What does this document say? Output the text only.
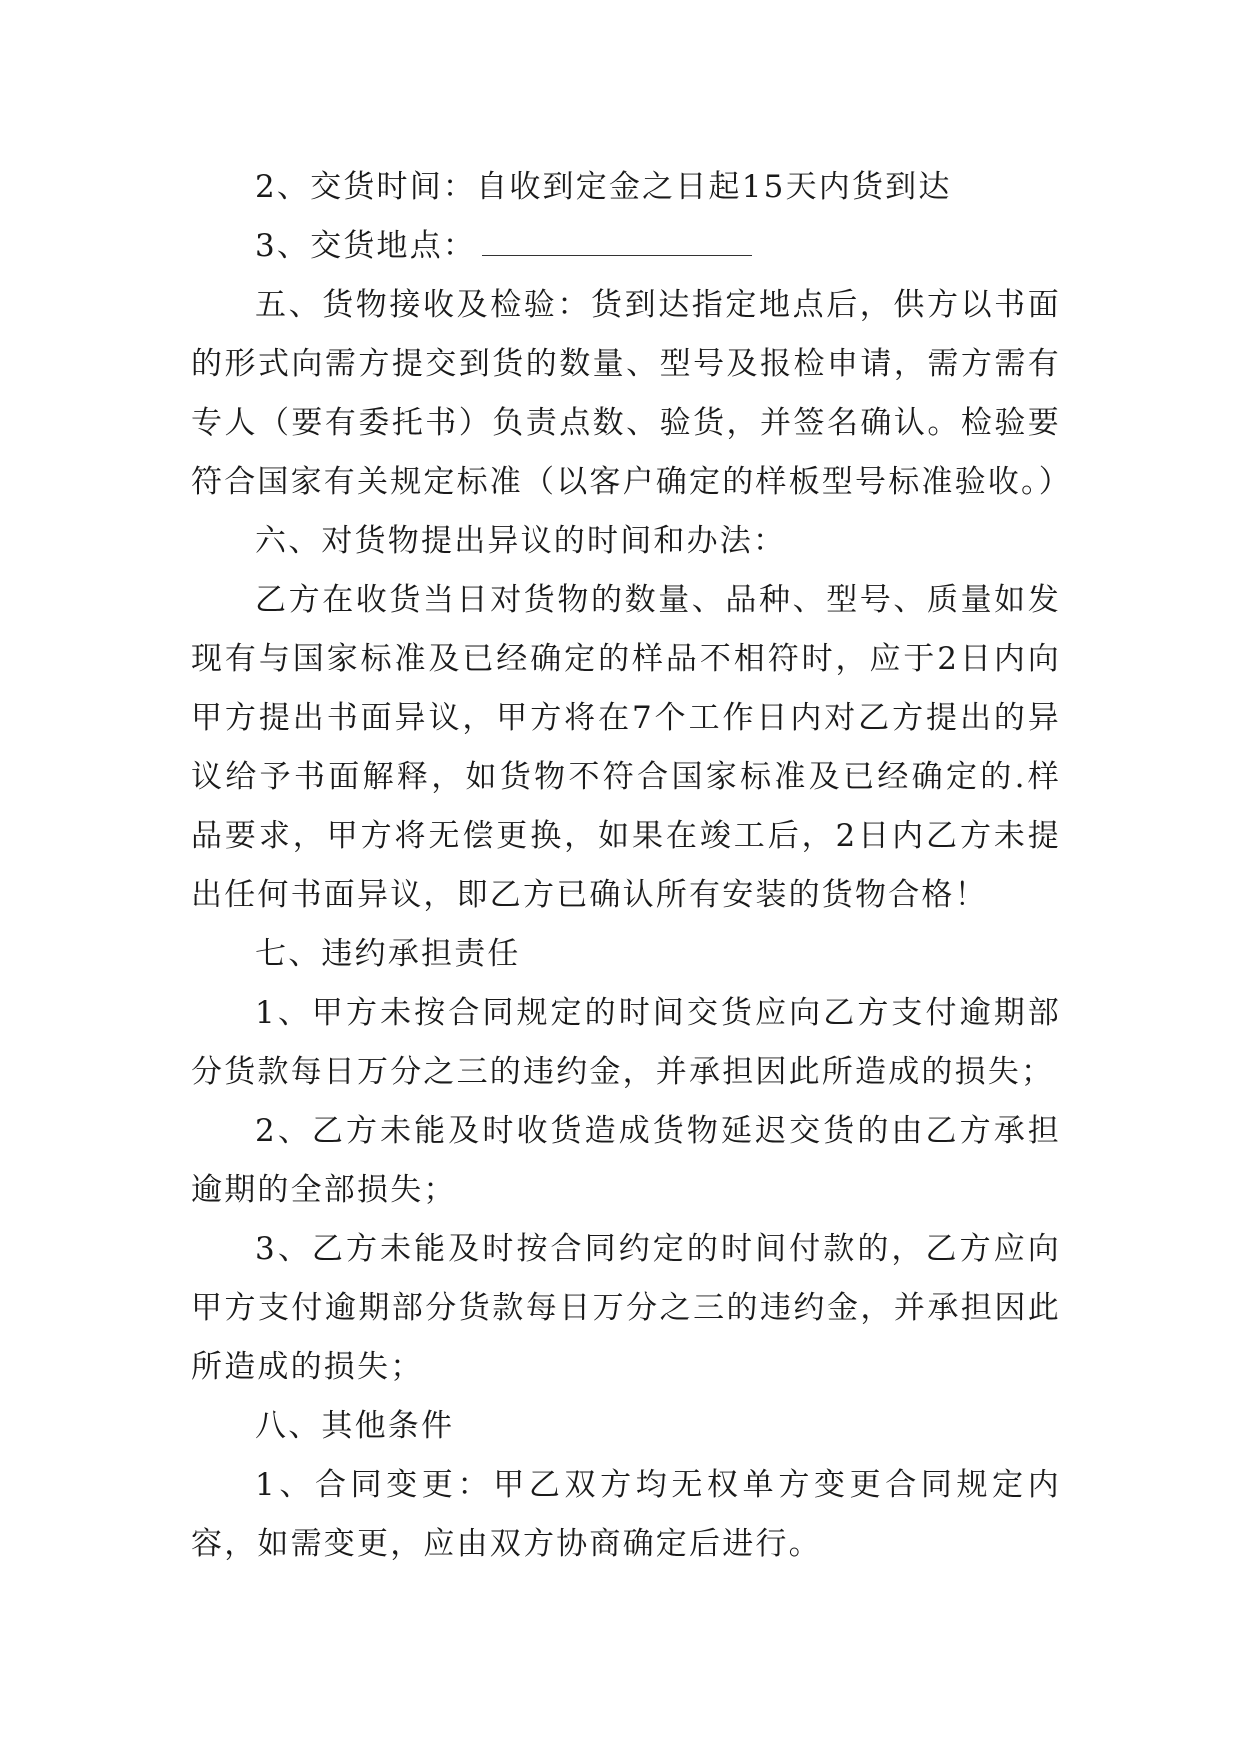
2、交货时间：自收到定金之日起15天内货到达

3、交货地点：

五、货物接收及检验：货到达指定地点后，供方以书面的形式向需方提交到货的数量、型号及报检申请，需方需有专人（要有委托书）负责点数、验货，并签名确认。检验要符合国家有关规定标准（以客户确定的样板型号标准验收。）

六、对货物提出异议的时间和办法：

乙方在收货当日对货物的数量、品种、型号、质量如发现有与国家标准及已经确定的样品不相符时，应于2日内向甲方提出书面异议，甲方将在7个工作日内对乙方提出的异议给予书面解释，如货物不符合国家标准及已经确定的.样品要求，甲方将无偿更换，如果在竣工后，2日内乙方未提出任何书面异议，即乙方已确认所有安装的货物合格！

七、违约承担责任

1、甲方未按合同规定的时间交货应向乙方支付逾期部分货款每日万分之三的违约金，并承担因此所造成的损失；

2、乙方未能及时收货造成货物延迟交货的由乙方承担逾期的全部损失；

3、乙方未能及时按合同约定的时间付款的，乙方应向甲方支付逾期部分货款每日万分之三的违约金，并承担因此所造成的损失；

八、其他条件

1、合同变更：甲乙双方均无权单方变更合同规定内容，如需变更，应由双方协商确定后进行。
